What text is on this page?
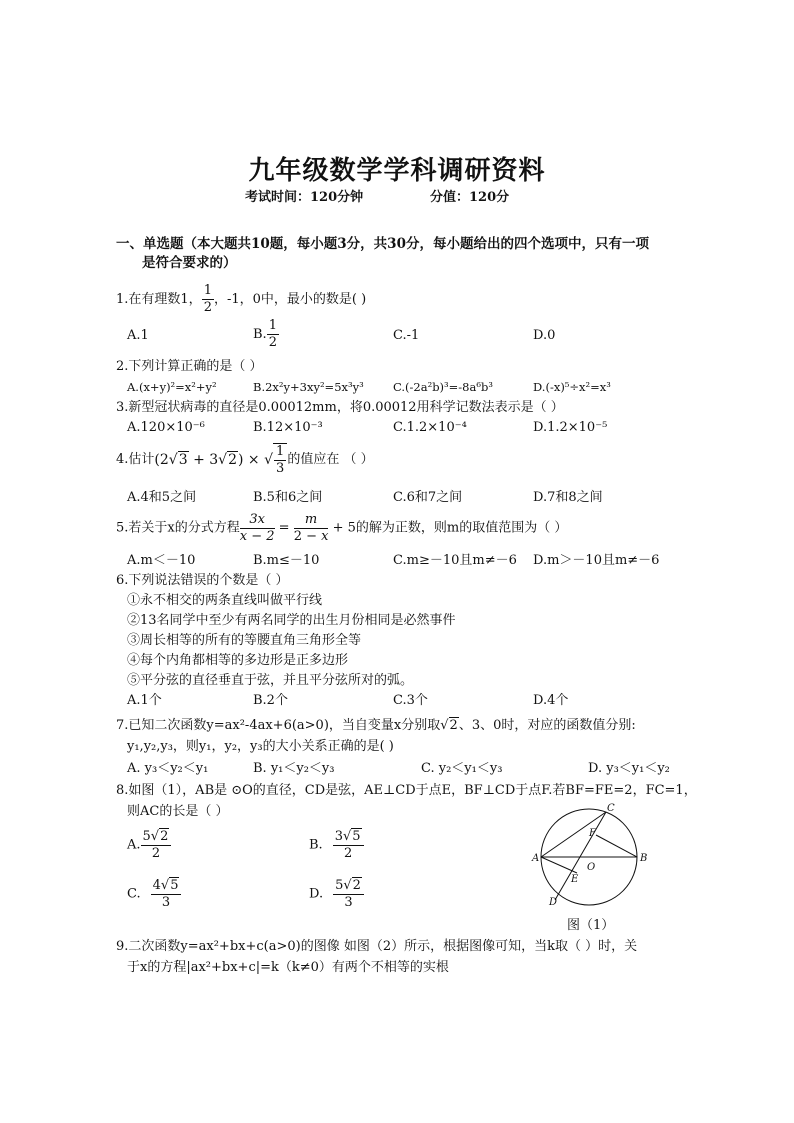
九年级数学学科调研资料
考试时间：120分钟	分值：120分
一、单选题（本大题共10题，每小题3分，共30分，每小题给出的四个选项中，只有一项
是符合要求的）
1.在有理数1， $\frac{1}{2}$ ，-1，0中，最小的数是( )
A.1	B. $\frac{1}{2}$	C.-1	D.0
2.下列计算正确的是（ ）
A.(x+y)²=x²+y²	B.2x²y+3xy²=5x³y³	C.(-2a²b)³=-8a⁶b³	D.(-x)⁵÷x²=x³
3.新型冠状病毒的直径是0.00012mm，将0.00012用科学记数法表示是（ ）
A.120×10⁻⁶	B.12×10⁻³	C.1.2×10⁻⁴	D.1.2×10⁻⁵
4.估计(2√3 + 3√2) × √ $\frac{1}{3}$ 的值应在 （ ）
A.4和5之间	B.5和6之间	C.6和7之间	D.7和8之间
5.若关于x的分式方程 $\frac{3x}{x - 2} = \frac{m}{2 - x} + 5$的解为正数，则m的取值范围为（ ）
A.m＜－10	B.m≤－10	C.m≥－10且m≠－6 D.m＞－10且m≠－6
6.下列说法错误的个数是（ ）
①永不相交的两条直线叫做平行线
②13名同学中至少有两名同学的出生月份相同是必然事件
③周长相等的所有的等腰直角三角形全等
④每个内角都相等的多边形是正多边形
⑤平分弦的直径垂直于弦，并且平分弦所对的弧。
A.1个	B.2个	C.3个	D.4个
7.已知二次函数y=ax²-4ax+6(a>0)，当自变量x分别取√2、3、0时，对应的函数值分别:
y₁,y₂,y₃，则y₁，y₂，y₃的大小关系正确的是( )
A. y₃＜y₂＜y₁	B. y₁＜y₂＜y₃	C. y₂＜y₁＜y₃	D. y₃＜y₁＜y₂
8.如图（1），AB是 ⊙O的直径，CD是弦，AE⊥CD于点E，BF⊥CD于点F.若BF=FE=2，FC=1，
则AC的长是（ ）
A. $\frac{5√2}{2}$	B. $\frac{3√5}{2}$
C. $\frac{4√5}{3}$	D. $\frac{5√2}{3}$
A	B
C
D
O
E
F
图（1）
9.二次函数y=ax²+bx+c(a>0)的图像 如图（2）所示，根据图像可知，当k取（ ）时，关
于x的方程|ax²+bx+c|=k（k≠0）有两个不相等的实根
